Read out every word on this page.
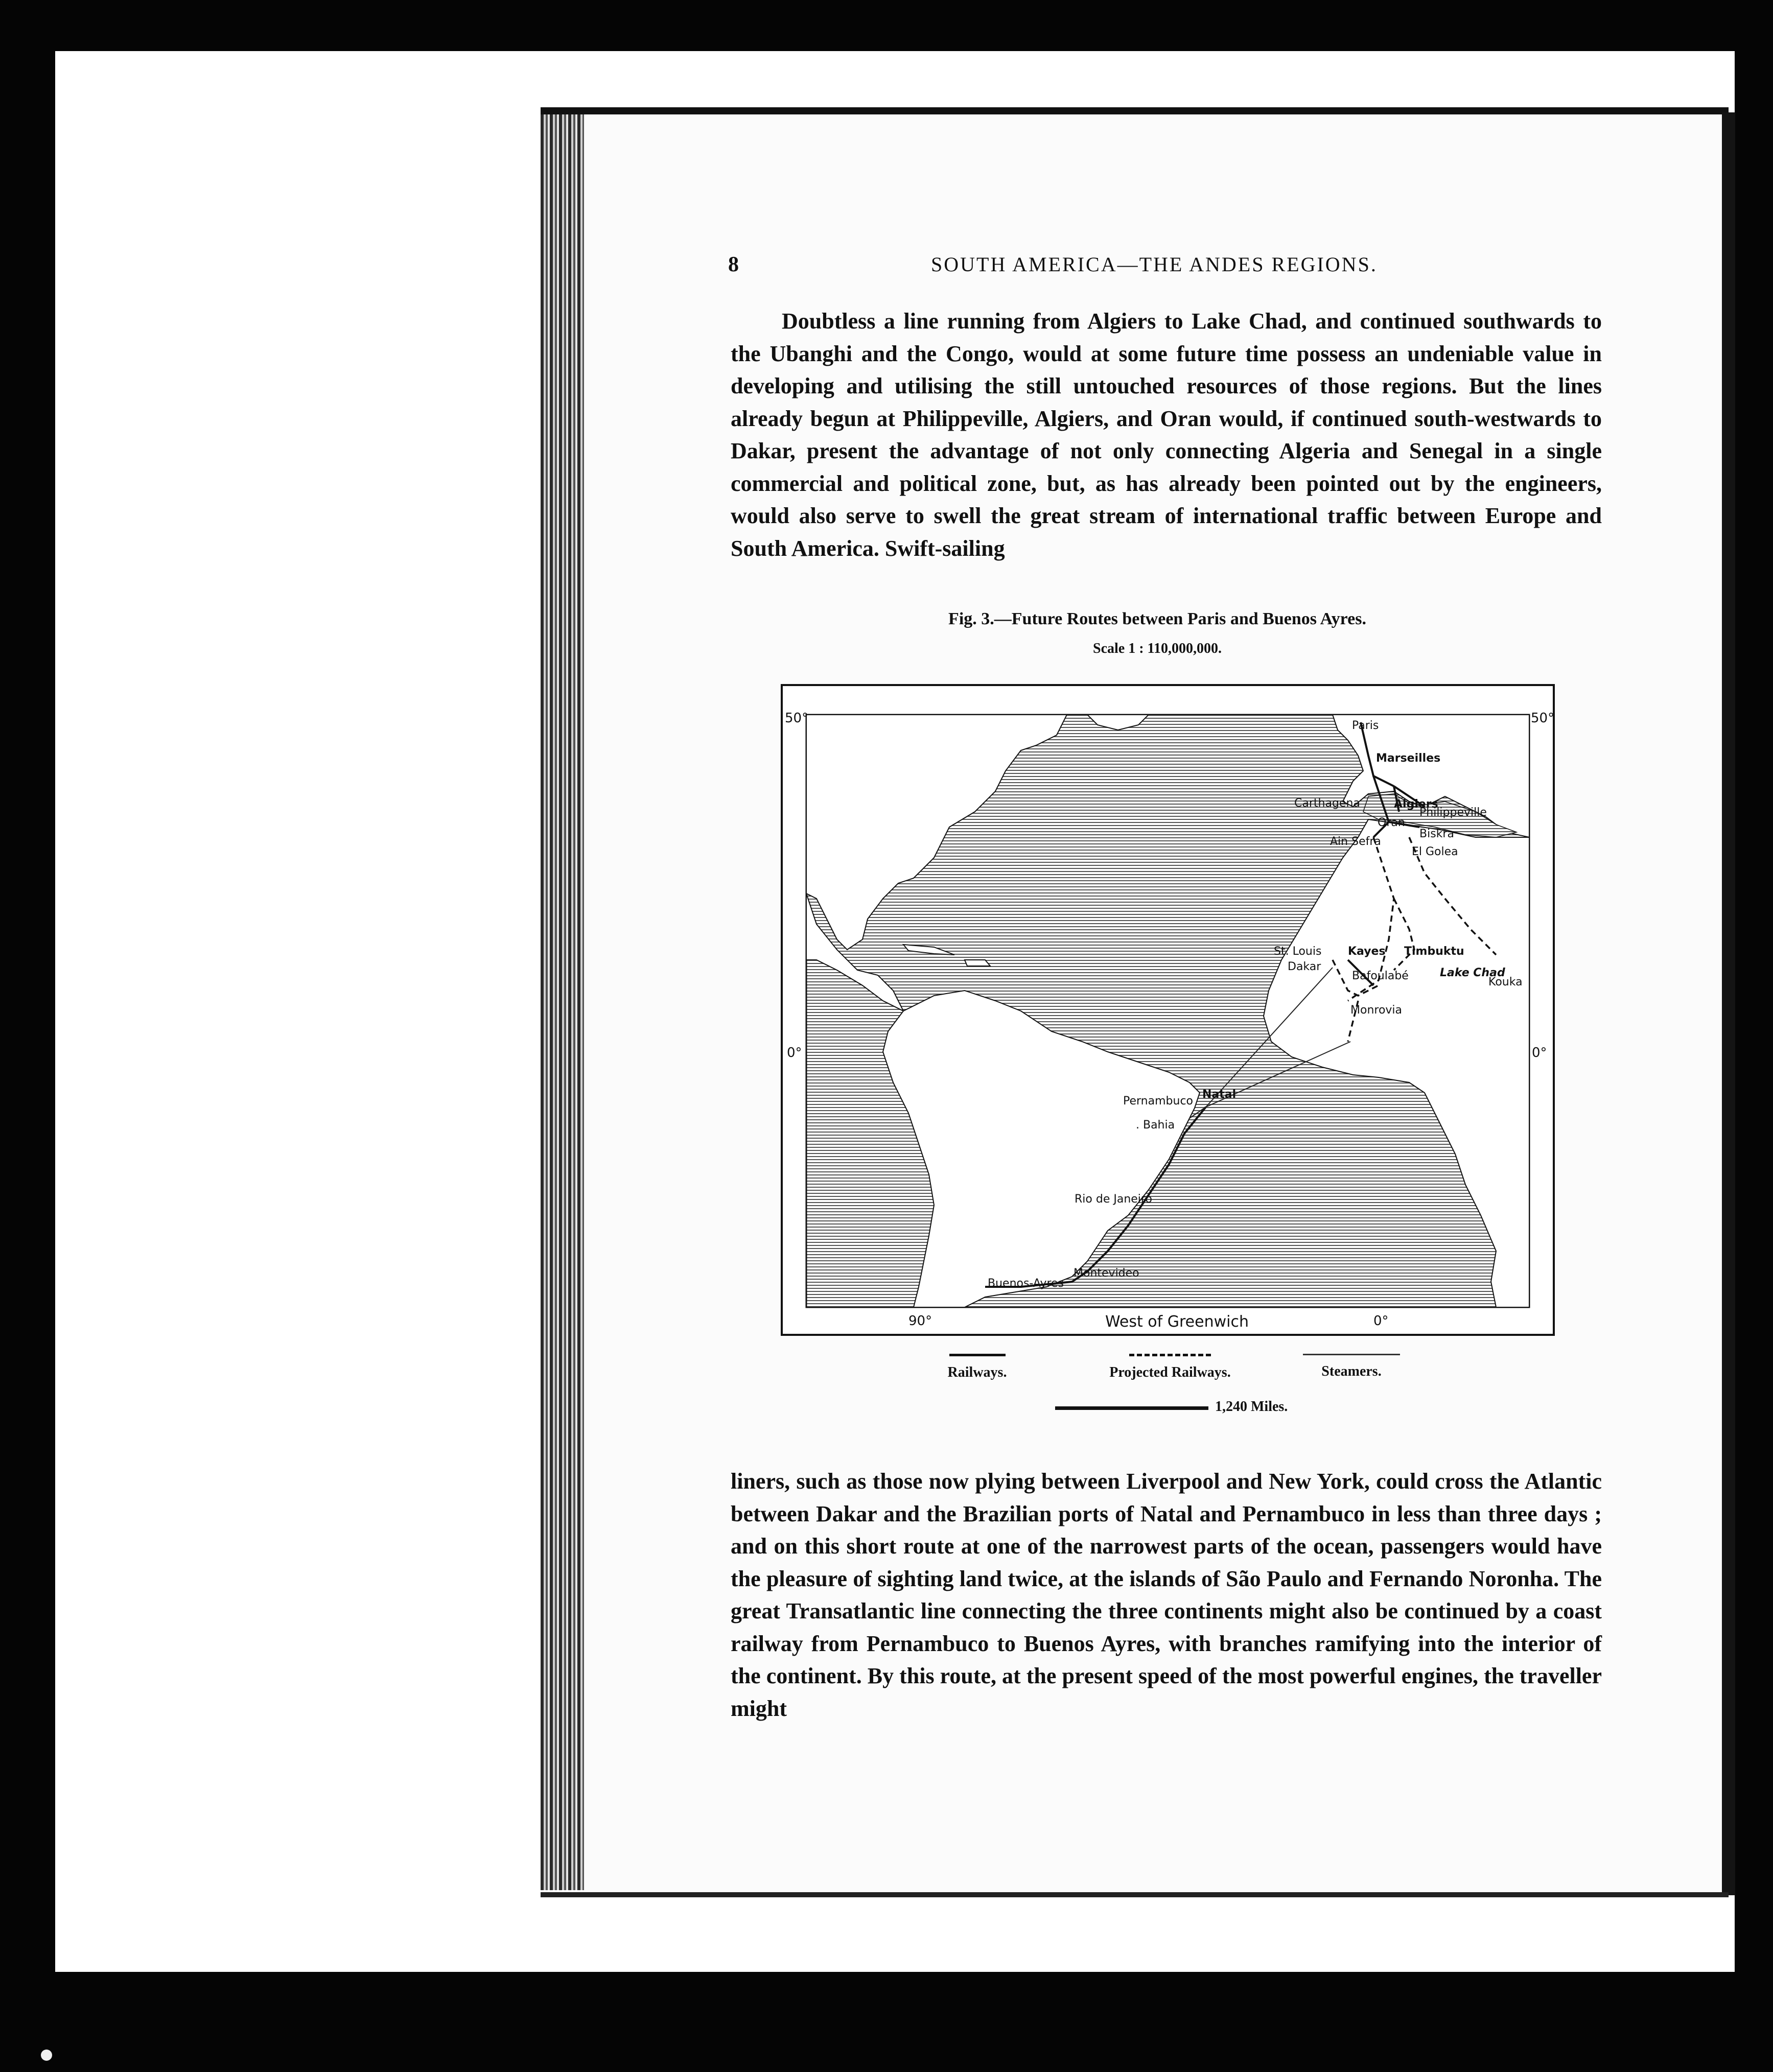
8	SOUTH AMERICA—THE ANDES REGIONS.

Doubtless a line running from Algiers to Lake Chad, and continued southwards to the Ubanghi and the Congo, would at some future time possess an undeniable value in developing and utilising the still untouched resources of those regions. But the lines already begun at Philippeville, Algiers, and Oran would, if continued south-westwards to Dakar, present the advantage of not only connecting Algeria and Senegal in a single commercial and political zone, but, as has already been pointed out by the engineers, would also serve to swell the great stream of international traffic between Europe and South America. Swift-sailing

Fig. 3.—Future Routes between Paris and Buenos Ayres.
Scale 1 : 110,000,000.
50°	50°
0°	0°
90°	0°
West of Greenwich
Paris
Marseilles
Carthagena	Algiers
Philippeville
Oran
Biskra
Ain Sefra
El Golea
St. Louis
Dakar
Kayes Timbuktu
Bafoulabé	Lake Chad
Kouka
Monrovia
Pernambuco
Natal
. Bahia
Rio de Janeiro
Montevideo
Buenos-Ayres
Railways.	Projected Railways.	Steamers.
1,240 Miles.

liners, such as those now plying between Liverpool and New York, could cross the Atlantic between Dakar and the Brazilian ports of Natal and Pernambuco in less than three days ; and on this short route at one of the narrowest parts of the ocean, passengers would have the pleasure of sighting land twice, at the islands of São Paulo and Fernando Noronha. The great Transatlantic line connecting the three continents might also be continued by a coast railway from Pernambuco to Buenos Ayres, with branches ramifying into the interior of the continent. By this route, at the present speed of the most powerful engines, the traveller might
